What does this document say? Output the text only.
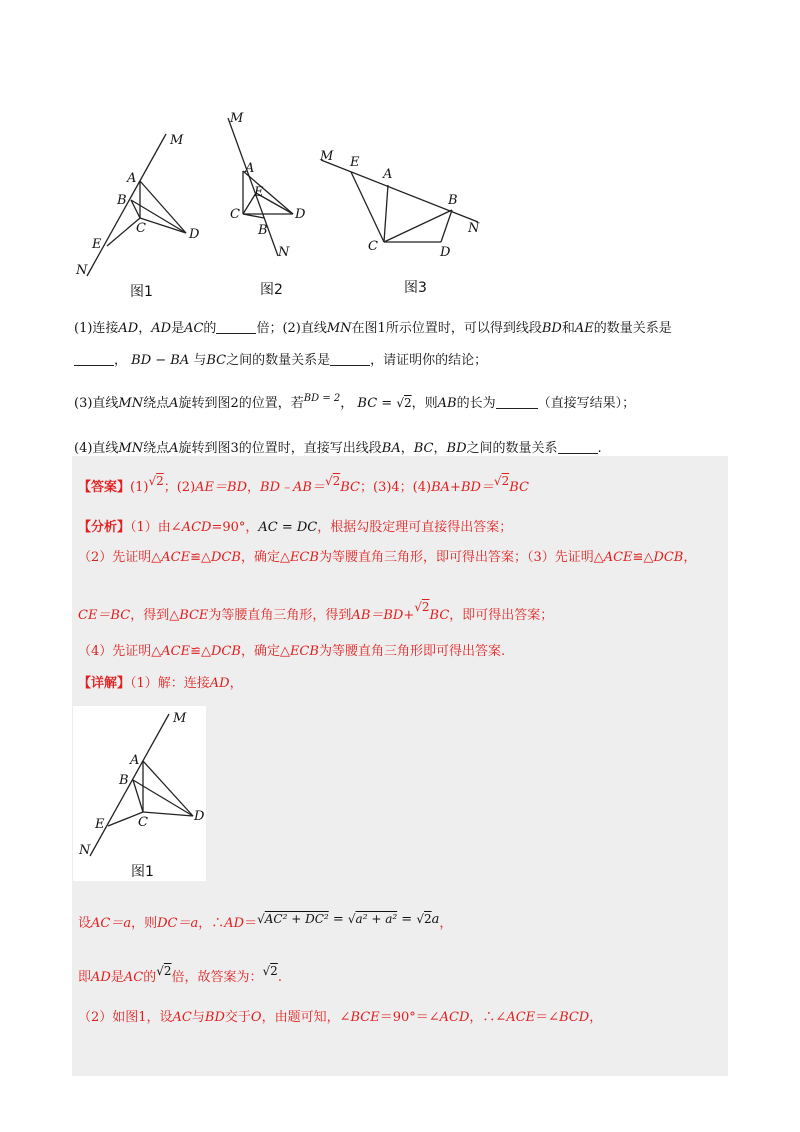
M
A
B
E
C	D
N
图1
M
A
E
C	D
B
N
图2
M E
A
B
N
C	D
图3
(1)连接AD，AD是AC的	倍；(2)直线MN在图1所示位置时，可以得到线段BD和AE的数量关系是
， BD − BA 与BC之间的数量关系是	，请证明你的结论；
(3)直线MN绕点A旋转到图2的位置，若$^{BD = 2}$， BC = √2，则AB的长为	（直接写结果）；
(4)直线MN绕点A旋转到图3的位置时，直接写出线段BA，BC，BD之间的数量关系	.
【答案】(1)√2；(2)AE＝BD，BD﹣AB＝√2BC；(3)4；(4)BA+BD＝√2BC
【分析】（1）由∠ACD=90°，AC = DC，根据勾股定理可直接得出答案；
（2）先证明△ACE≌△DCB，确定△ECB为等腰直角三角形，即可得出答案；（3）先证明△ACE≌△DCB，
CE＝BC，得到△BCE为等腰直角三角形，得到AB＝BD+√2BC，即可得出答案；
（4）先证明△ACE≌△DCB，确定△ECB为等腰直角三角形即可得出答案.
【详解】（1）解：连接AD，
M
A
B
E	C	D
N
图1
设AC＝a，则DC＝a，∴AD＝√AC² + DC² = √a² + a² = √2a，
即AD是AC的√2倍，故答案为：√2.
（2）如图1，设AC与BD交于O，由题可知，∠BCE＝90°＝∠ACD，∴∠ACE＝∠BCD，
